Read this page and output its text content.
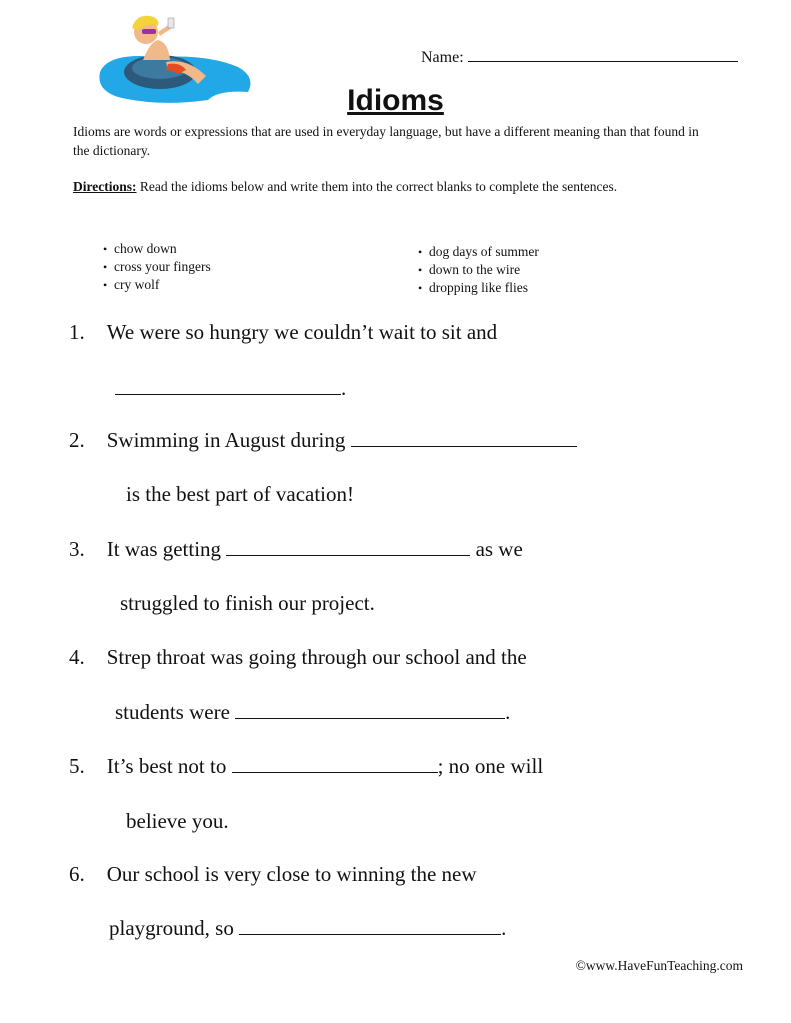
Name:
Idioms
Idioms are words or expressions that are used in everyday language, but have a different meaning than that found in the dictionary.
Directions: Read the idioms below and write them into the correct blanks to complete the sentences.
• chow down
• cross your fingers
• cry wolf
• dog days of summer
• down to the wire
• dropping like flies
1. We were so hungry we couldn’t wait to sit and
.
2. Swimming in August during
is the best part of vacation!
3. It was getting	as we
struggled to finish our project.
4. Strep throat was going through our school and the
students were	.
5. It’s best not to	; no one will
believe you.
6. Our school is very close to winning the new
playground, so	.
©www.HaveFunTeaching.com
